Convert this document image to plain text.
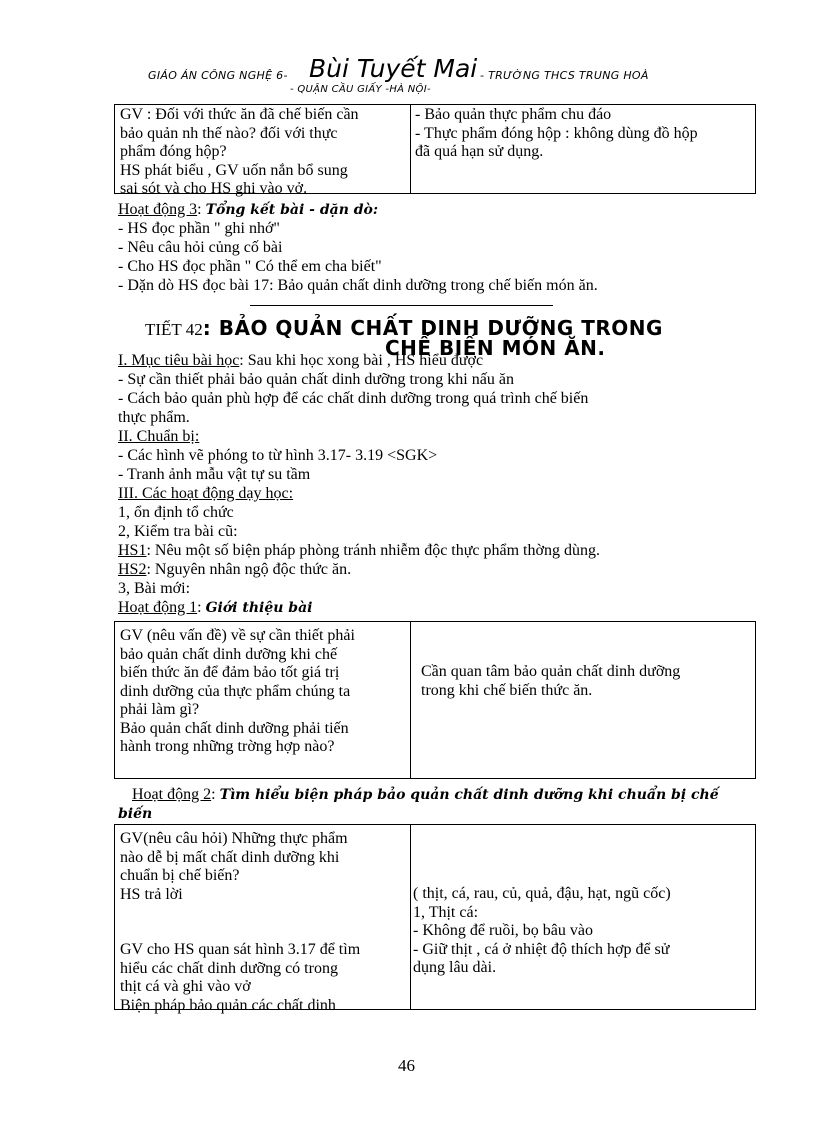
GIÁO ÁN CÔNG NGHỆ 6- Bùi Tuyết Mai - TRƯỜNG THCS TRUNG HOÀ
- QUẬN CẦU GIẤY -HÀ NỘI-
GV : Đối với thức ăn đã chế biến cần
bảo quản nh thế nào? đối với thực
phẩm đóng hộp?
HS phát biểu , GV uốn nắn bổ sung
sai sót và cho HS ghi vào vở.
- Bảo quản thực phẩm chu đáo
- Thực phẩm đóng hộp : không dùng đồ hộp
đã quá hạn sử dụng.
Hoạt động 3: Tổng kết bài - dặn dò:
- HS đọc phần " ghi nhớ"
- Nêu câu hỏi củng cố bài
- Cho HS đọc phần " Có thể em cha biết"
- Dặn dò HS đọc bài 17: Bảo quản chất dinh dưỡng trong chế biến món ăn.
TIẾT 42: BẢO QUẢN CHẤT DINH DƯỠNG TRONG
CHẾ BIẾN MÓN ĂN.
I. Mục tiêu bài học: Sau khi học xong bài , HS hiểu được
- Sự cần thiết phải bảo quản chất dinh dưỡng trong khi nấu ăn
- Cách bảo quản phù hợp để các chất dinh dưỡng trong quá trình chế biến
thực phẩm.
II. Chuẩn bị:
- Các hình vẽ phóng to từ hình 3.17- 3.19 <SGK>
- Tranh ảnh mẫu vật tự su tầm
III. Các hoạt động dạy học:
1, ổn định tổ chức
2, Kiểm tra bài cũ:
HS1: Nêu một số biện pháp phòng tránh nhiễm độc thực phẩm thờng dùng.
HS2: Nguyên nhân ngộ độc thức ăn.
3, Bài mới:
Hoạt động 1: Giới thiệu bài
GV (nêu vấn đề) về sự cần thiết phải
bảo quản chất dinh dưỡng khi chế
biến thức ăn để đảm bảo tốt giá trị
dinh dưỡng của thực phẩm chúng ta
phải làm gì?
Bảo quản chất dinh dưỡng phải tiến
hành trong những trờng hợp nào?
Cần quan tâm bảo quản chất dinh dưỡng
trong khi chế biến thức ăn.
Hoạt động 2: Tìm hiểu biện pháp bảo quản chất dinh dưỡng khi chuẩn bị chế
biến
GV(nêu câu hỏi) Những thực phẩm
nào dễ bị mất chất dinh dưỡng khi
chuẩn bị chế biến?
HS trả lời
GV cho HS quan sát hình 3.17 để tìm
hiểu các chất dinh dưỡng có trong
thịt cá và ghi vào vở
Biện pháp bảo quản các chất dinh
( thịt, cá, rau, củ, quả, đậu, hạt, ngũ cốc)
1, Thịt cá:
- Không để ruồi, bọ bâu vào
- Giữ thịt , cá ở nhiệt độ thích hợp để sử
dụng lâu dài.
46
